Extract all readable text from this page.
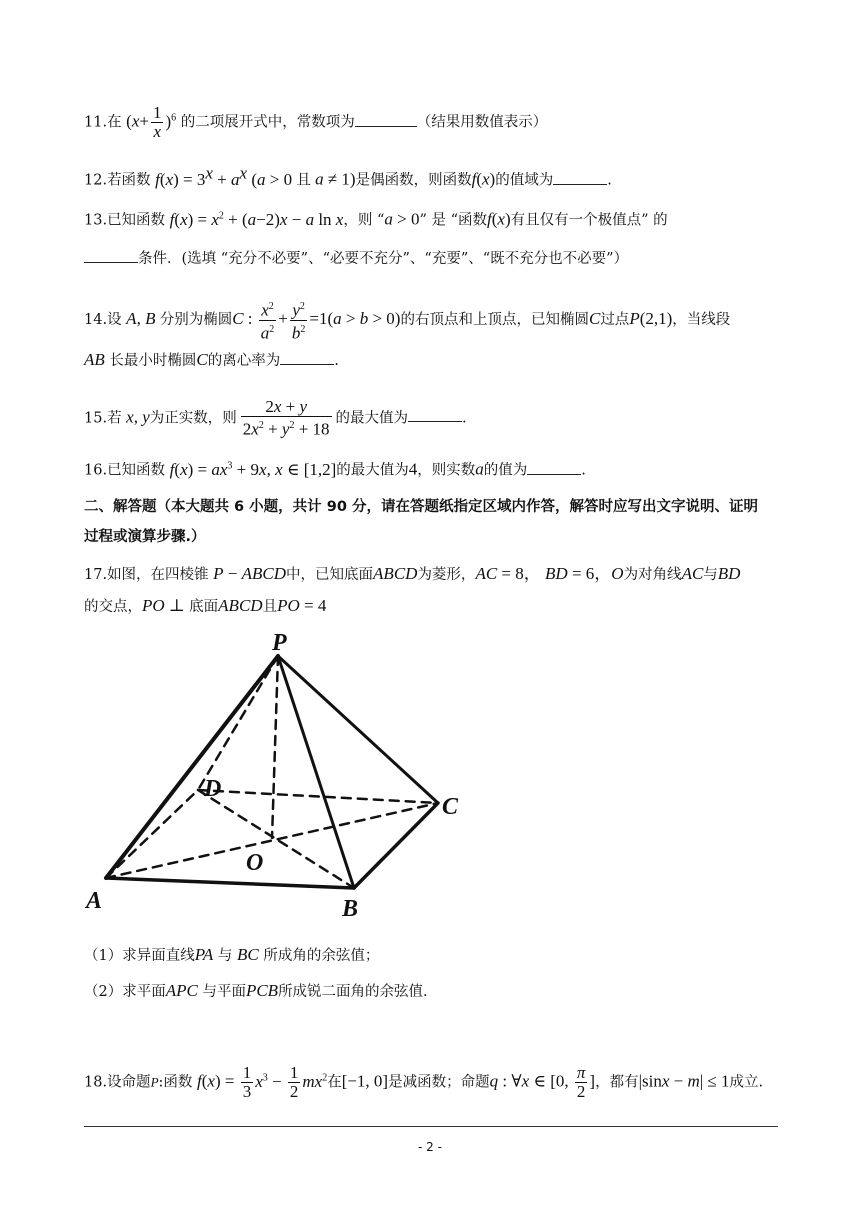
11.在 $(x+ \frac{1}{x} )^6$ 的二项展开式中，常数项为	（结果用数值表示）
12.若函数 $f(x) = 3^x + a^x$ (a > 0 且 a ≠ 1)是偶函数，则函数f(x)的值域为	.
13.已知函数 $f(x) = x^2 + (a-2)x - a$ ln x，则 “a > 0” 是 “函数f(x)有且仅有一个极值点” 的
条件．(选填 “充分不必要”、“必要不充分”、“充要”、“既不充分也不必要”）
14.设 A, B 分别为椭圆C : $\frac{x^2}{a^2} + \frac{y^2}{b^2} =1(a > b > 0)$的右顶点和上顶点，已知椭圆C过点P(2,1)，当线段
AB 长最小时椭圆C的离心率为	.
15.若 x, y为正实数，则 $\frac{2x + y}{2x^2 + y^2 + 18}$ 的最大值为	.
16.已知函数 $f(x) = ax^3 + 9x$, x ∈ [1,2]的最大值为4，则实数a的值为	.
二、解答题（本大题共 6 小题，共计 90 分，请在答题纸指定区域内作答，解答时应写出文字说明、证明
过程或演算步骤.）
17.如图，在四棱锥 P − ABCD中，已知底面ABCD为菱形，AC = 8， BD = 6，O为对角线AC与BD
的交点，PO ⊥ 底面ABCD且PO = 4
P
A	B
C
D
O
（1）求异面直线PA 与 BC 所成角的余弦值；
（2）求平面APC 与平面PCB所成锐二面角的余弦值.
18.设命题P:函数 $f(x) = \frac{1}{3} x^3 - \frac{1}{2} mx^2$在[−1, 0]是减函数；命题q : ∀x ∈ [0, $\frac{\pi}{2}$ ]，都有|sinx − m| ≤ 1成立.
- 2 -
